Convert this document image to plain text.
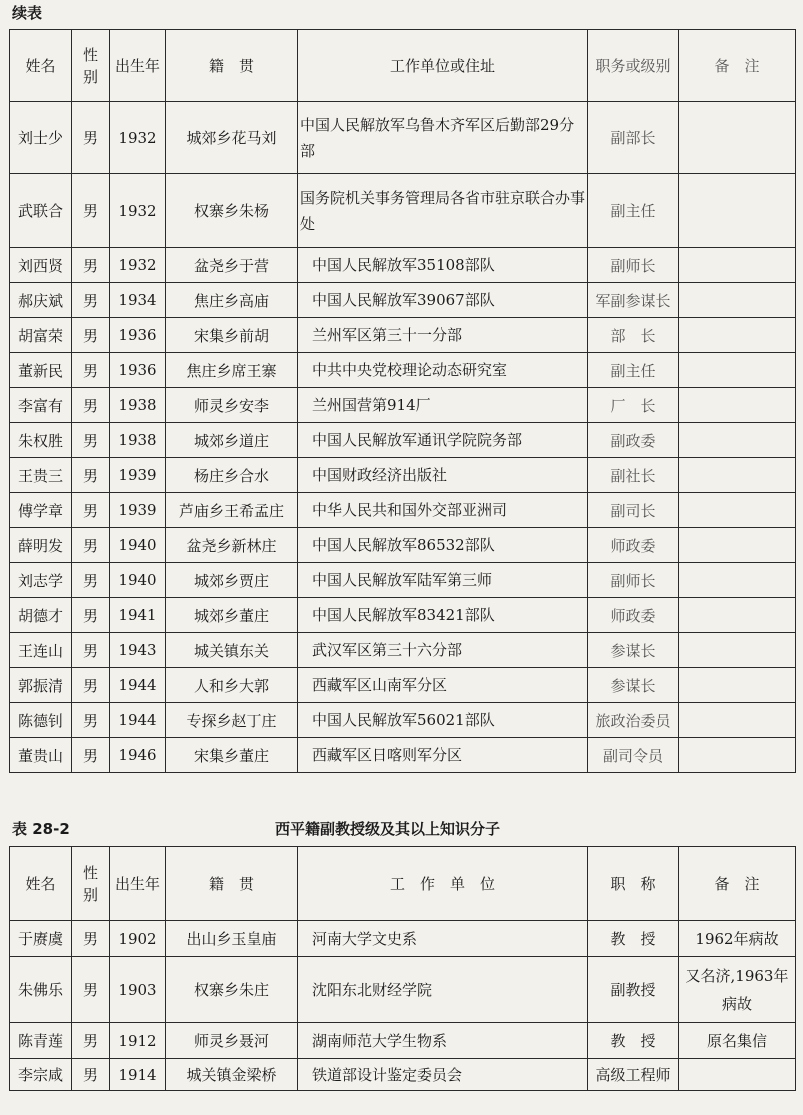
续表
姓名	性别	出生年	籍　贯	工作单位或住址	职务或级别	备　注
刘士少	男	1932	城郊乡花马刘	中国人民解放军乌鲁木齐军区后勤部29分部	副部长	
武联合	男	1932	权寨乡朱杨	国务院机关事务管理局各省市驻京联合办事处	副主任	
刘西贤	男	1932	盆尧乡于营	中国人民解放军35108部队	副师长	
郝庆斌	男	1934	焦庄乡高庙	中国人民解放军39067部队	军副参谋长	
胡富荣	男	1936	宋集乡前胡	兰州军区第三十一分部	部　长	
董新民	男	1936	焦庄乡席王寨	中共中央党校理论动态研究室	副主任	
李富有	男	1938	师灵乡安李	兰州国营第914厂	厂　长	
朱权胜	男	1938	城郊乡道庄	中国人民解放军通讯学院院务部	副政委	
王贵三	男	1939	杨庄乡合水	中国财政经济出版社	副社长	
傅学章	男	1939	芦庙乡王希孟庄	中华人民共和国外交部亚洲司	副司长	
薛明发	男	1940	盆尧乡新林庄	中国人民解放军86532部队	师政委	
刘志学	男	1940	城郊乡贾庄	中国人民解放军陆军第三师	副师长	
胡德才	男	1941	城郊乡董庄	中国人民解放军83421部队	师政委	
王连山	男	1943	城关镇东关	武汉军区第三十六分部	参谋长	
郭振清	男	1944	人和乡大郭	西藏军区山南军分区	参谋长	
陈德钊	男	1944	专探乡赵丁庄	中国人民解放军56021部队	旅政治委员	
董贵山	男	1946	宋集乡董庄	西藏军区日喀则军分区	副司令员	
表 28-2	西平籍副教授级及其以上知识分子
姓名	性别	出生年	籍　贯	工　作　单　位	职　称	备　注
于赓虞	男	1902	出山乡玉皇庙	河南大学文史系	教　授	1962年病故
朱佛乐	男	1903	权寨乡朱庄	沈阳东北财经学院	副教授	又名济,1963年病故
陈青莲	男	1912	师灵乡聂河	湖南师范大学生物系	教　授	原名集信
李宗咸	男	1914	城关镇金梁桥	铁道部设计鉴定委员会	高级工程师	
